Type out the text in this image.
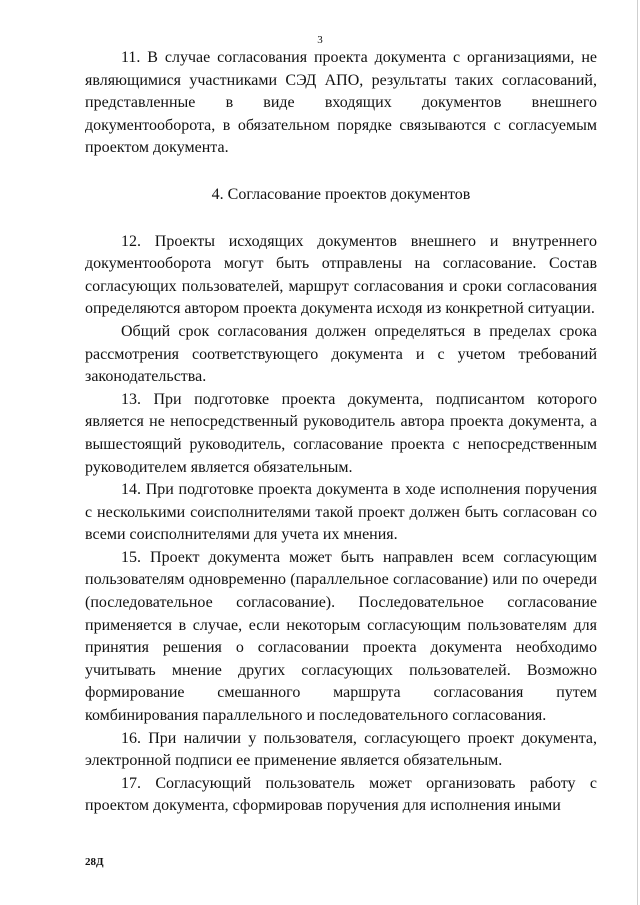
3

11. В случае согласования проекта документа с организациями, не являющимися участниками СЭД АПО, результаты таких согласований, представленные в виде входящих документов внешнего документооборота, в обязательном порядке связываются с согласуемым проектом документа.

4. Согласование проектов документов

12. Проекты исходящих документов внешнего и внутреннего документооборота могут быть отправлены на согласование. Состав согласующих пользователей, маршрут согласования и сроки согласования определяются автором проекта документа исходя из конкретной ситуации.

Общий срок согласования должен определяться в пределах срока рассмотрения соответствующего документа и с учетом требований законодательства.

13. При подготовке проекта документа, подписантом которого является не непосредственный руководитель автора проекта документа, а вышестоящий руководитель, согласование проекта с непосредственным руководителем является обязательным.

14. При подготовке проекта документа в ходе исполнения поручения с несколькими соисполнителями такой проект должен быть согласован со всеми соисполнителями для учета их мнения.

15. Проект документа может быть направлен всем согласующим пользователям одновременно (параллельное согласование) или по очереди (последовательное согласование). Последовательное согласование применяется в случае, если некоторым согласующим пользователям для принятия решения о согласовании проекта документа необходимо учитывать мнение других согласующих пользователей. Возможно формирование смешанного маршрута согласования путем комбинирования параллельного и последовательного согласования.

16. При наличии у пользователя, согласующего проект документа, электронной подписи ее применение является обязательным.

17. Согласующий пользователь может организовать работу с проектом документа, сформировав поручения для исполнения иными

28Д
